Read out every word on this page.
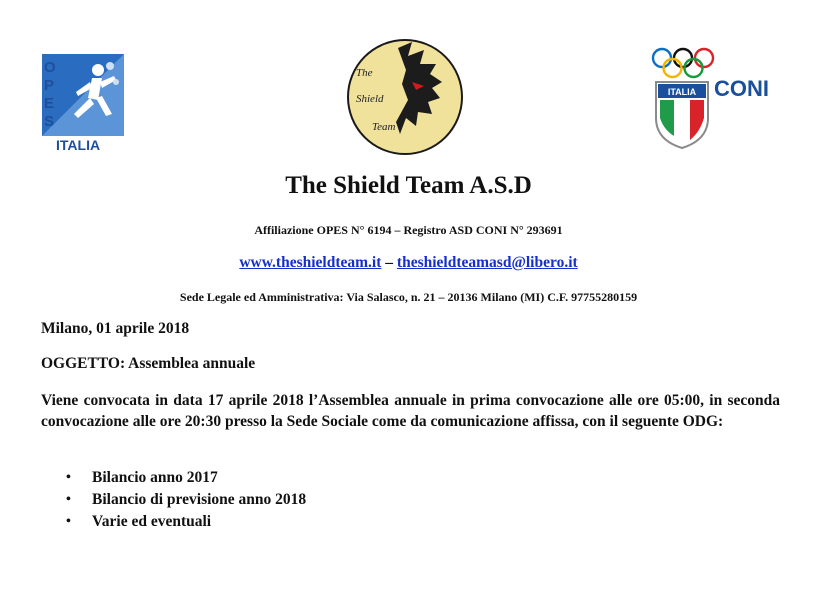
O
P
E
S
ITALIA
The
Shield
Team
ITALIA CONI
The Shield Team A.S.D
Affiliazione OPES N° 6194 – Registro ASD CONI N° 293691
www.theshieldteam.it – theshieldteamasd@libero.it
Sede Legale ed Amministrativa: Via Salasco, n. 21 – 20136 Milano (MI) C.F. 97755280159
Milano, 01 aprile 2018
OGGETTO: Assemblea annuale
Viene convocata in data 17 aprile 2018 l’Assemblea annuale in prima convocazione alle ore 05:00, in seconda convocazione alle ore 20:30 presso la Sede Sociale come da comunicazione affissa, con il seguente ODG:
• Bilancio anno 2017
• Bilancio di previsione anno 2018
• Varie ed eventuali
